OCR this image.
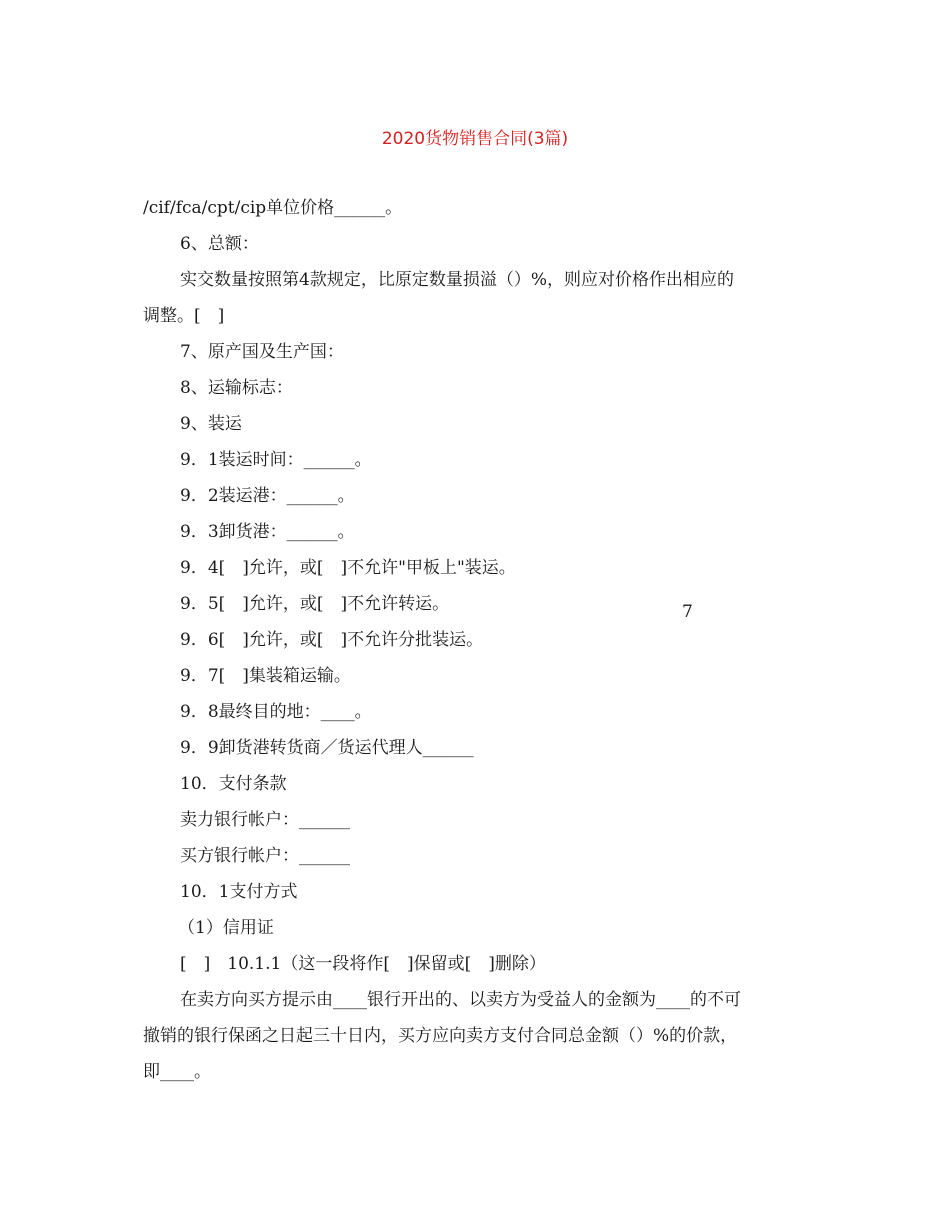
2020货物销售合同(3篇)
/cif/fca/cpt/cip单位价格______。
6、总额：
实交数量按照第4款规定，比原定数量损溢（）%，则应对价格作出相应的
调整。[　]
7、原产国及生产国：
8、运输标志：
9、装运
9．1装运时间：______。
9．2装运港：______。
9．3卸货港：______。
9．4[　]允许，或[　]不允许"甲板上"装运。
9．5[　]允许，或[　]不允许转运。
9．6[　]允许，或[　]不允许分批装运。
9．7[　]集装箱运输。
9．8最终目的地：____。
9．9卸货港转货商／货运代理人______
10．支付条款
卖力银行帐户：______
买方银行帐户：______
10．1支付方式
（1）信用证
[　]　10.1.1（这一段将作[　]保留或[　]删除）
在卖方向买方提示由____银行开出的、以卖方为受益人的金额为____的不可
撤销的银行保函之日起三十日内，买方应向卖方支付合同总金额（）%的价款，
即____。
7
